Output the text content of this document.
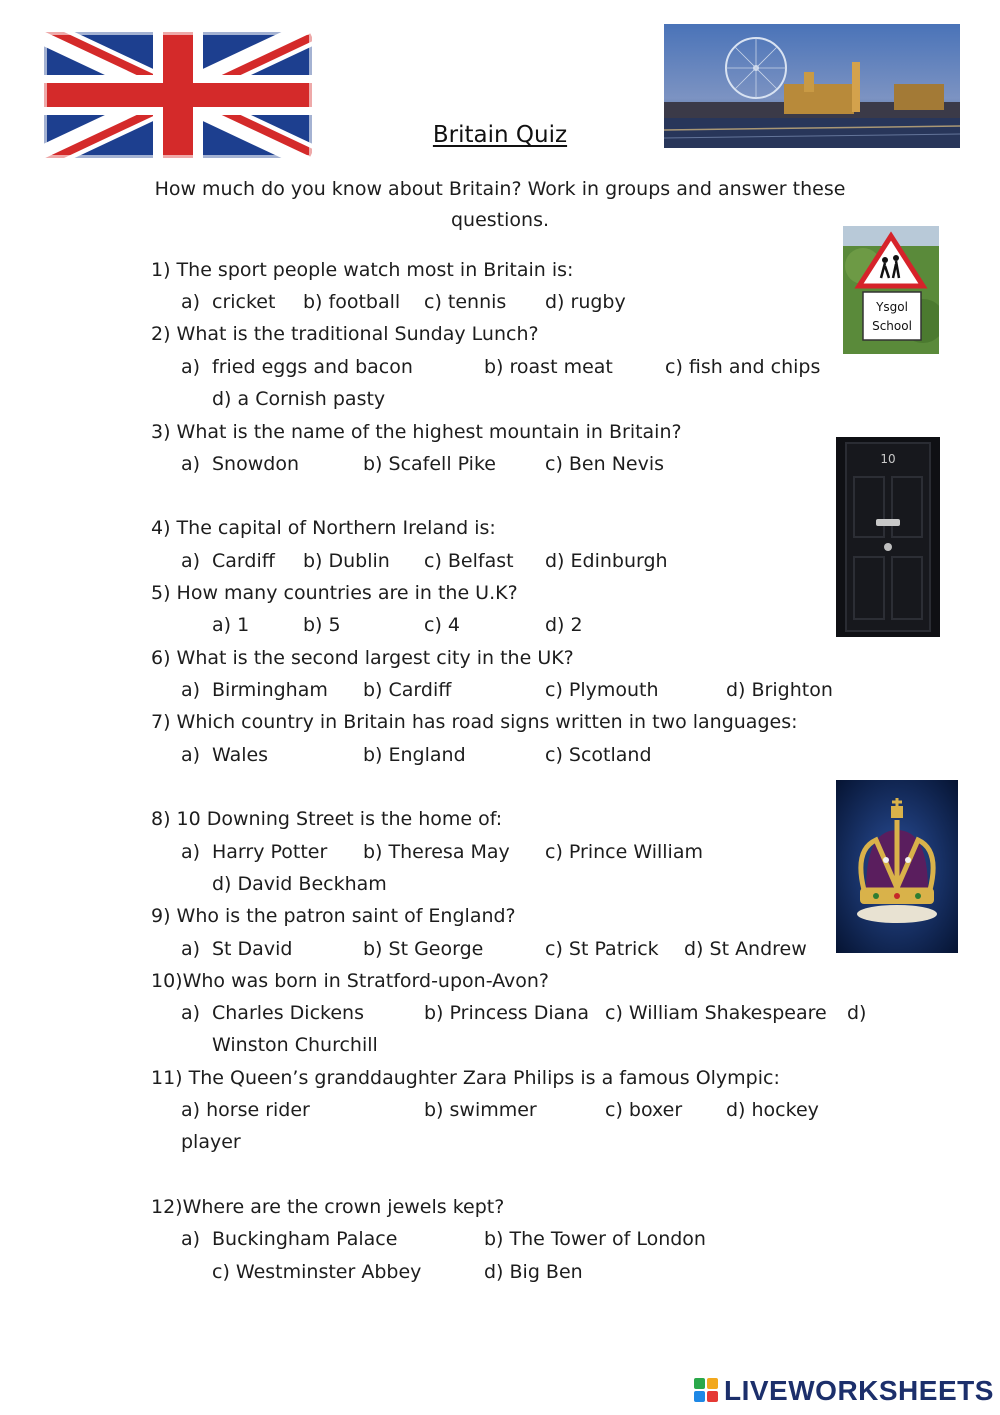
Ysgol
School
10
Britain Quiz
How much do you know about Britain? Work in groups and answer these questions.
1) The sport people watch most in Britain is:
a) cricket b) football c) tennis d) rugby
2) What is the traditional Sunday Lunch?
a) fried eggs and bacon	b) roast meat	c) fish and chips
d) a Cornish pasty
3) What is the name of the highest mountain in Britain?
a) Snowdon	b) Scafell Pike	c) Ben Nevis
4) The capital of Northern Ireland is:
a) Cardiff b) Dublin c) Belfast d) Edinburgh
5) How many countries are in the U.K?
a) 1	b) 5	c) 4	d) 2
6) What is the second largest city in the UK?
a) Birmingham b) Cardiff	c) Plymouth	d) Brighton
7) Which country in Britain has road signs written in two languages:
a) Wales	b) England	c) Scotland
8) 10 Downing Street is the home of:
a) Harry Potter b) Theresa May c) Prince William
d) David Beckham
9) Who is the patron saint of England?
a) St David	b) St George	c) St Patrick d) St Andrew
10)Who was born in Stratford-upon-Avon?
a) Charles Dickens	b) Princess Diana c) William Shakespeare d)
Winston Churchill
11) The Queen’s granddaughter Zara Philips is a famous Olympic:
a) horse rider	b) swimmer	c) boxer d) hockey
player
12)Where are the crown jewels kept?
a) Buckingham Palace	b) The Tower of London
c) Westminster Abbey	d) Big Ben
LIVEWORKSHEETS
